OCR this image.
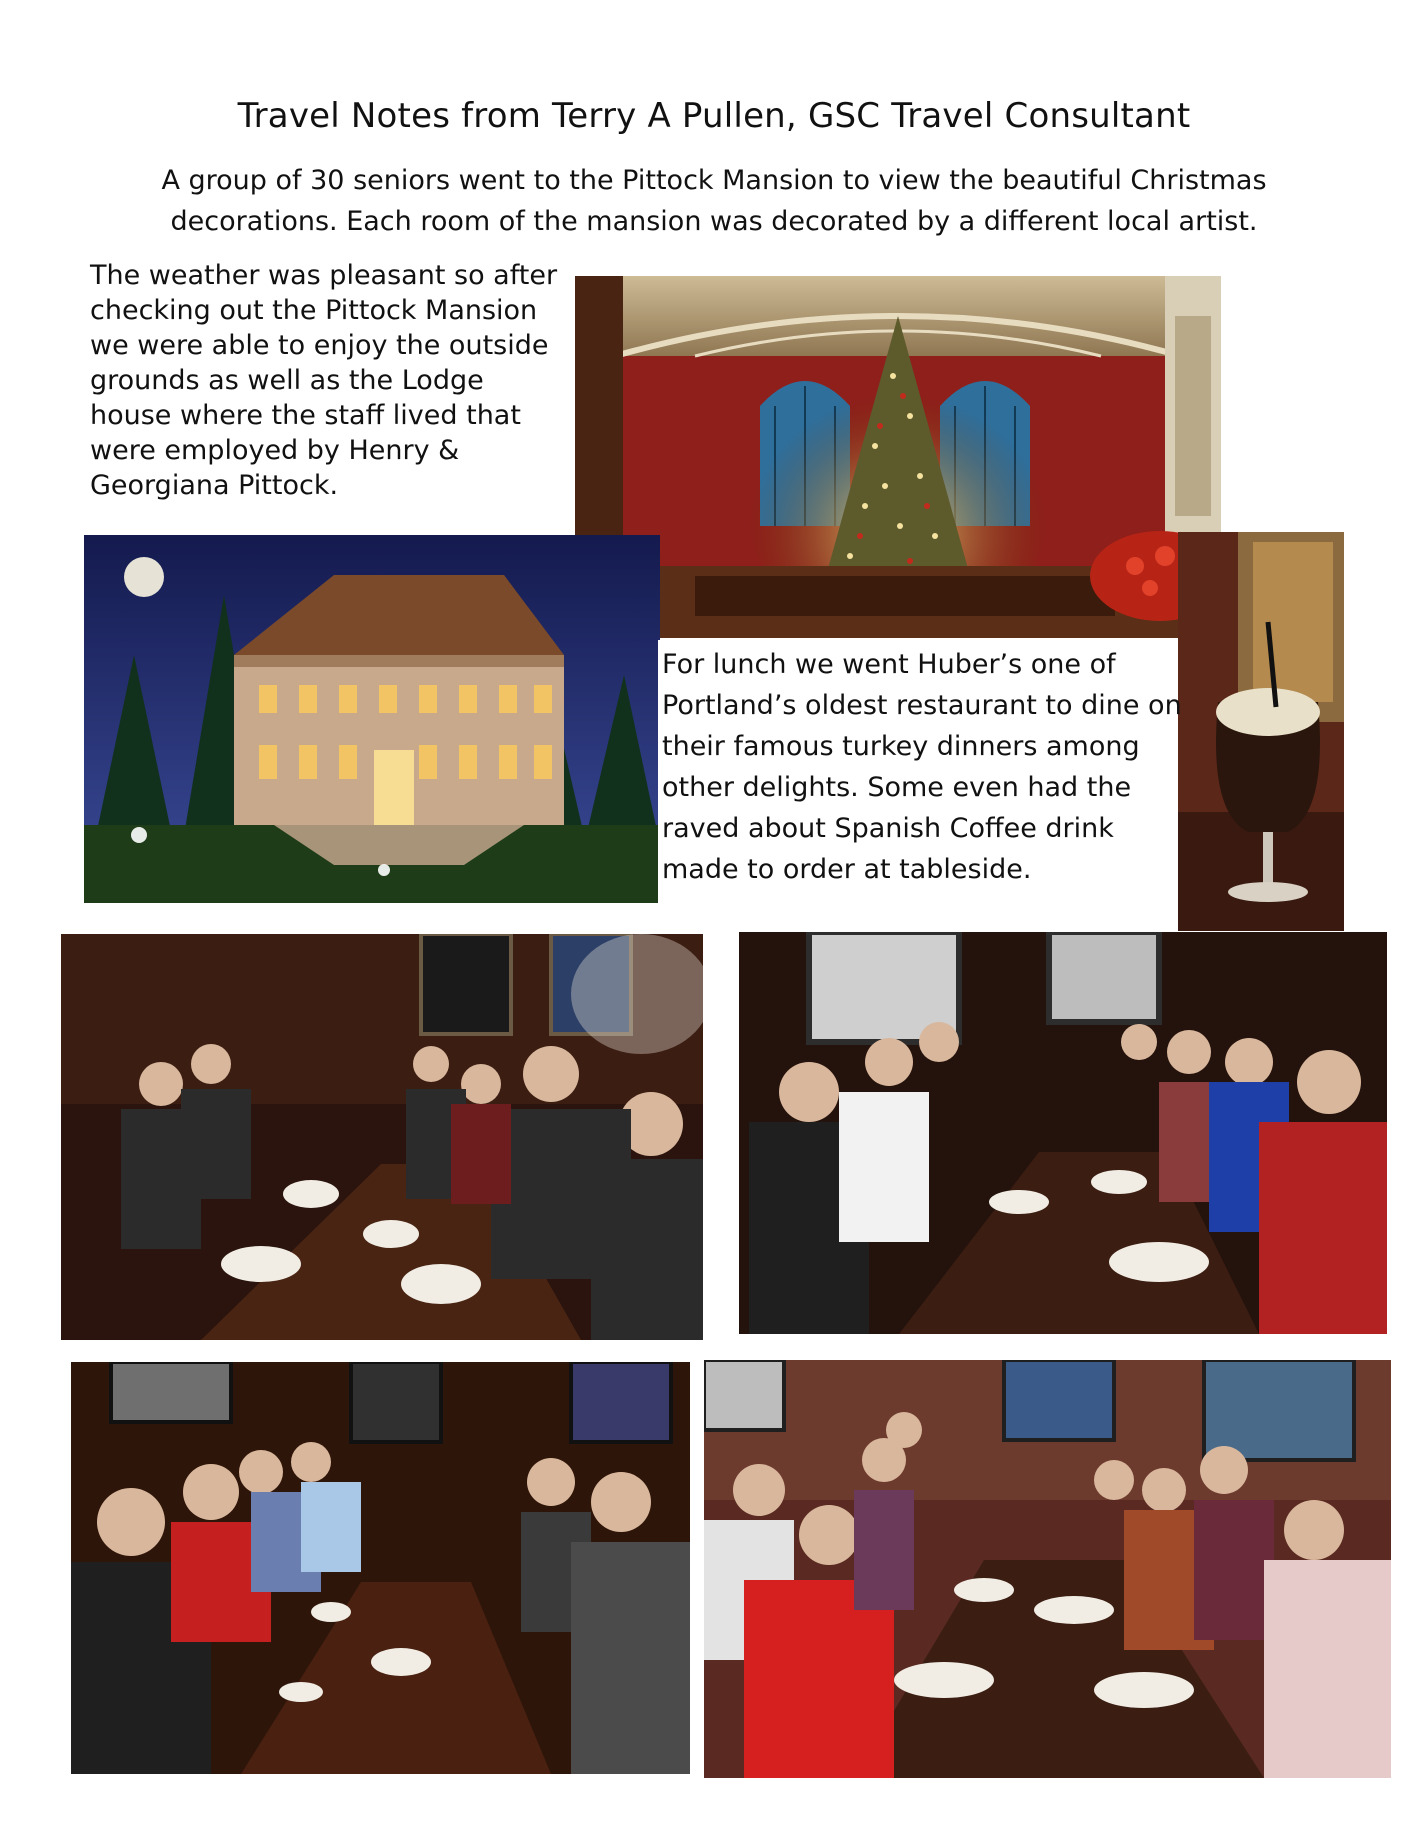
Travel Notes from Terry A Pullen, GSC Travel Consultant
A group of 30 seniors went to the Pittock Mansion to view the beautiful Christmas decorations. Each room of the mansion was decorated by a different local artist.

The weather was pleasant so after checking out the Pittock Mansion we were able to enjoy the outside grounds as well as the Lodge house where the staff lived that were employed by Henry & Georgiana Pittock.

For lunch we went Huber’s one of Portland’s oldest restaurant to dine on their famous turkey dinners among other delights. Some even had the raved about Spanish Coffee drink made to order at tableside.
